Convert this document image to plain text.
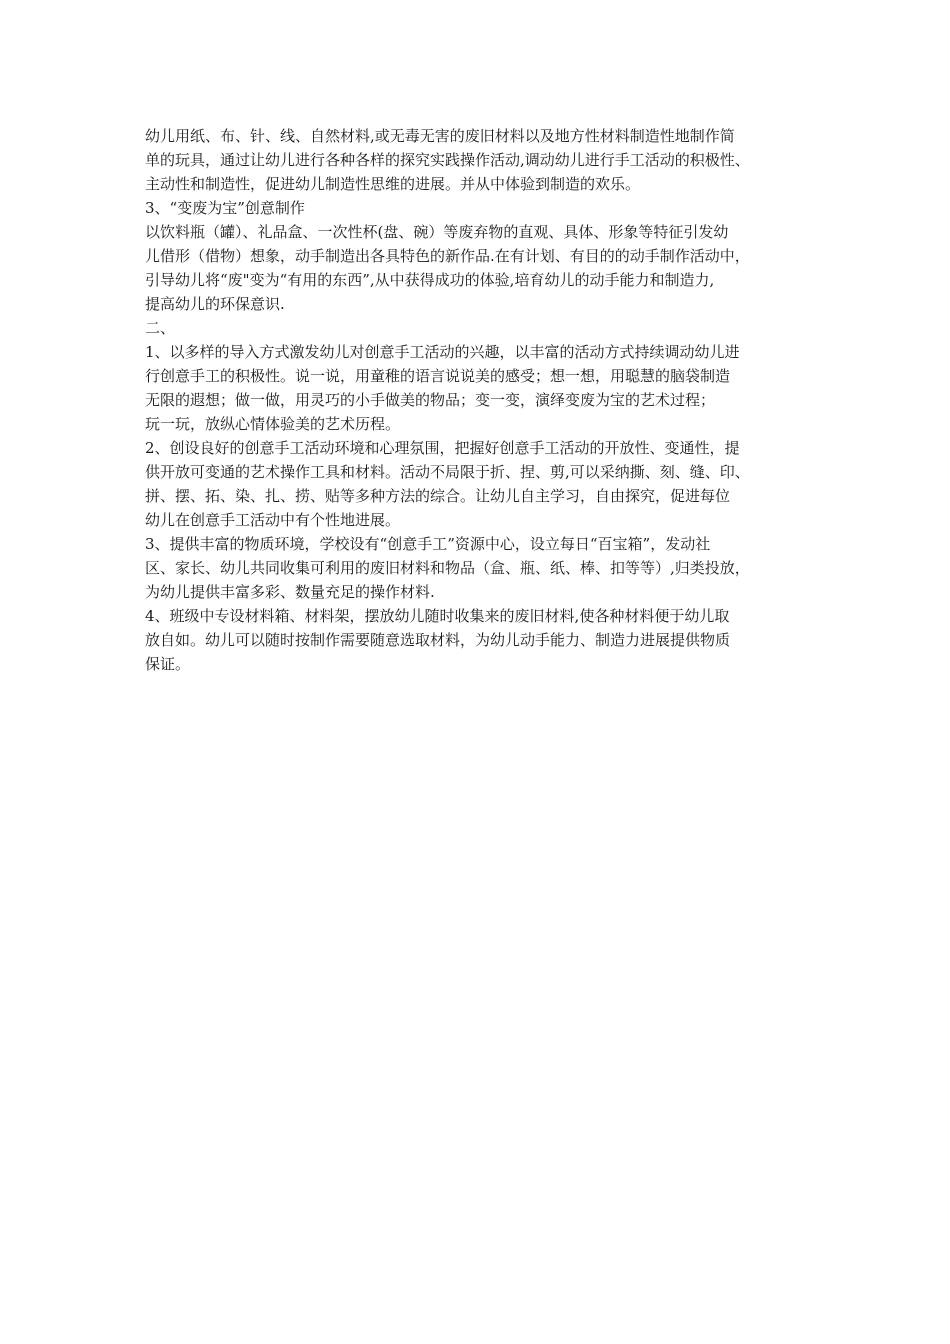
幼儿用纸、布、针、线、自然材料,或无毒无害的废旧材料以及地方性材料制造性地制作简
单的玩具，通过让幼儿进行各种各样的探究实践操作活动,调动幼儿进行手工活动的积极性、
主动性和制造性，促进幼儿制造性思维的进展。并从中体验到制造的欢乐。

3、“变废为宝”创意制作

以饮料瓶（罐）、礼品盒、一次性杯(盘、碗）等废弃物的直观、具体、形象等特征引发幼
儿借形（借物）想象，动手制造出各具特色的新作品.在有计划、有目的的动手制作活动中，
引导幼儿将“废"变为“有用的东西”,从中获得成功的体验,培育幼儿的动手能力和制造力,
提高幼儿的环保意识.

二、

1、以多样的导入方式激发幼儿对创意手工活动的兴趣，以丰富的活动方式持续调动幼儿进
行创意手工的积极性。说一说，用童稚的语言说说美的感受；想一想，用聪慧的脑袋制造
无限的遐想；做一做，用灵巧的小手做美的物品；变一变，演绎变废为宝的艺术过程；
玩一玩，放纵心情体验美的艺术历程。

2、创设良好的创意手工活动环境和心理氛围，把握好创意手工活动的开放性、变通性，提
供开放可变通的艺术操作工具和材料。活动不局限于折、捏、剪,可以采纳撕、刻、缝、印、
拼、摆、拓、染、扎、捞、贴等多种方法的综合。让幼儿自主学习，自由探究，促进每位
幼儿在创意手工活动中有个性地进展。

3、提供丰富的物质环境，学校设有“创意手工”资源中心，设立每日“百宝箱”，发动社
区、家长、幼儿共同收集可利用的废旧材料和物品（盒、瓶、纸、棒、扣等等）,归类投放，
为幼儿提供丰富多彩、数量充足的操作材料.

4、班级中专设材料箱、材料架，摆放幼儿随时收集来的废旧材料,使各种材料便于幼儿取
放自如。幼儿可以随时按制作需要随意选取材料，为幼儿动手能力、制造力进展提供物质
保证。
